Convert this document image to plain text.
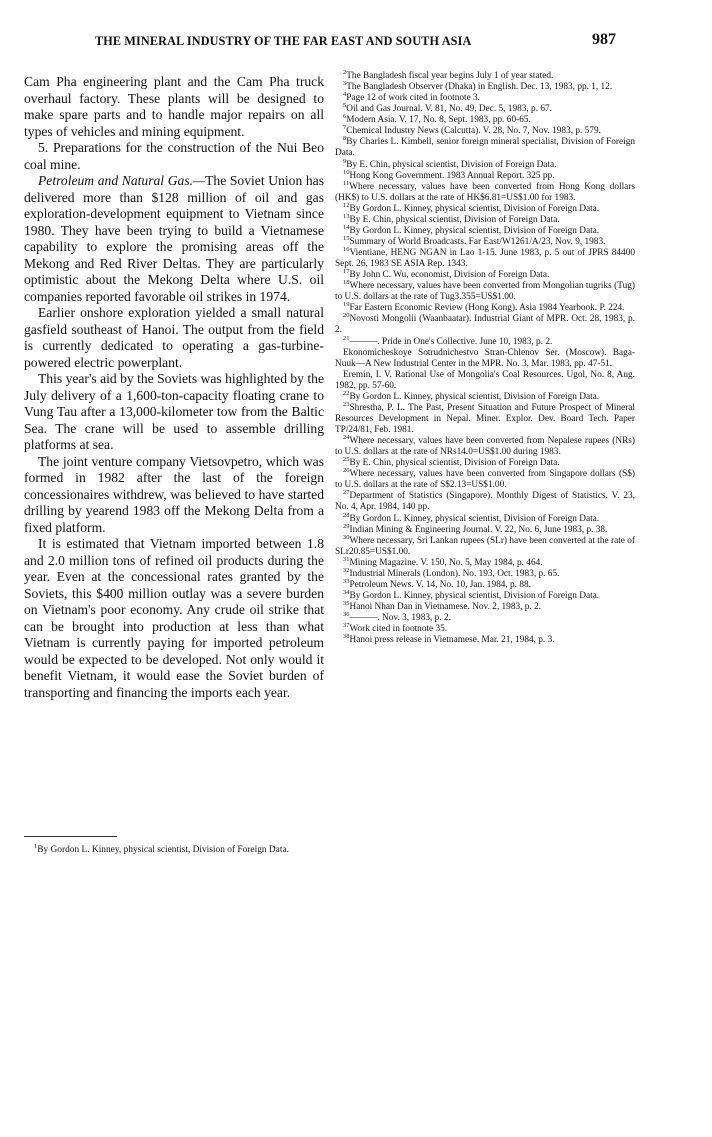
THE MINERAL INDUSTRY OF THE FAR EAST AND SOUTH ASIA	987

Cam Pha engineering plant and the Cam Pha truck overhaul factory. These plants will be designed to make spare parts and to handle major repairs on all types of vehicles and mining equipment.

5. Preparations for the construction of the Nui Beo coal mine.

Petroleum and Natural Gas.—The Soviet Union has delivered more than $128 million of oil and gas exploration-development equipment to Vietnam since 1980. They have been trying to build a Vietnamese capability to explore the promising areas off the Mekong and Red River Deltas. They are particularly optimistic about the Mekong Delta where U.S. oil companies reported favorable oil strikes in 1974.

Earlier onshore exploration yielded a small natural gasfield southeast of Hanoi. The output from the field is currently dedicated to operating a gas-turbine-powered electric powerplant.

This year's aid by the Soviets was highlighted by the July delivery of a 1,600-ton-capacity floating crane to Vung Tau after a 13,000-kilometer tow from the Baltic Sea. The crane will be used to assemble drilling platforms at sea.

The joint venture company Vietsovpetro, which was formed in 1982 after the last of the foreign concessionaires withdrew, was believed to have started drilling by yearend 1983 off the Mekong Delta from a fixed platform.

It is estimated that Vietnam imported between 1.8 and 2.0 million tons of refined oil products during the year. Even at the concessional rates granted by the Soviets, this $400 million outlay was a severe burden on Vietnam's poor economy. Any crude oil strike that can be brought into production at less than what Vietnam is currently paying for imported petroleum would be expected to be developed. Not only would it benefit Vietnam, it would ease the Soviet burden of transporting and financing the imports each year.

$^1$By Gordon L. Kinney, physical scientist, Division of Foreign Data.

$^2$The Bangladesh fiscal year begins July 1 of year stated.

$^3$The Bangladesh Observer (Dhaka) in English. Dec. 13, 1983, pp. 1, 12.

$^4$Page 12 of work cited in footnote 3.

$^5$Oil and Gas Journal. V. 81, No. 49, Dec. 5, 1983, p. 67.

$^6$Modern Asia. V. 17, No. 8, Sept. 1983, pp. 60-65.

$^7$Chemical Industry News (Calcutta). V. 28, No. 7, Nov. 1983, p. 579.

$^8$By Charles L. Kimbell, senior foreign mineral specialist, Division of Foreign Data.

$^9$By E. Chin, physical scientist, Division of Foreign Data.

$^{10}$Hong Kong Government. 1983 Annual Report. 325 pp.

$^{11}$Where necessary, values have been converted from Hong Kong dollars (HK$) to U.S. dollars at the rate of HK$6.81=US$1.00 for 1983.

$^{12}$By Gordon L. Kinney, physical scientist, Division of Foreign Data.

$^{13}$By E. Chin, physical scientist, Division of Foreign Data.

$^{14}$By Gordon L. Kinney, physical scientist, Division of Foreign Data.

$^{15}$Summary of World Broadcasts. Far East/W1261/A/23, Nov. 9, 1983.

$^{16}$Vientiane, HENG NGAN in Lao 1-15. June 1983, p. 5 out of JPRS 84400 Sept. 26, 1983 SE ASIA Rep. 1343.

$^{17}$By John C. Wu, economist, Division of Foreign Data.

$^{18}$Where necessary, values have been converted from Mongolian tugriks (Tug) to U.S. dollars at the rate of Tug3.355=US$1.00.

$^{19}$Far Eastern Economic Review (Hong Kong). Asia 1984 Yearbook. P. 224.

$^{20}$Novosti Mongolii (Waanbaatar). Industrial Giant of MPR. Oct. 28, 1983, p. 2.

$^{21}$———. Pride in One's Collective. June 10, 1983, p. 2.

Ekonomicheskoye Sotrudnichestvo Stran-Chlenov Ser. (Moscow). Baga-Nuuk—A New Industrial Center in the MPR. No. 3, Mar. 1983, pp. 47-51.

Eremin, I. V. Rational Use of Mongolia's Coal Resources. Ugol, No. 8, Aug. 1982, pp. 57-60.

$^{22}$By Gordon L. Kinney, physical scientist, Division of Foreign Data.

$^{23}$Shrestha, P. L. The Past, Present Situation and Future Prospect of Mineral Resources Development in Nepal. Miner. Explor. Dev. Board Tech. Paper TP/24/81, Feb. 1981.

$^{24}$Where necessary, values have been converted from Nepalese rupees (NRs) to U.S. dollars at the rate of NRs14.0=US$1.00 during 1983.

$^{25}$By E. Chin, physical scientist, Division of Foreign Data.

$^{26}$Where necessary, values have been converted from Singapore dollars (S$) to U.S. dollars at the rate of S$2.13=US$1.00.

$^{27}$Department of Statistics (Singapore). Monthly Digest of Statistics. V. 23, No. 4, Apr. 1984, 140 pp.

$^{28}$By Gordon L. Kinney, physical scientist, Division of Foreign Data.

$^{29}$Indian Mining & Engineering Journal. V. 22, No. 6, June 1983, p. 38.

$^{30}$Where necessary, Sri Lankan rupees (SLr) have been converted at the rate of SLr20.85=US$1.00.

$^{31}$Mining Magazine. V. 150, No. 5, May 1984, p. 464.

$^{32}$Industrial Minerals (London). No. 193, Oct. 1983, p. 65.

$^{33}$Petroleum News. V. 14, No. 10, Jan. 1984, p. 88.

$^{34}$By Gordon L. Kinney, physical scientist, Division of Foreign Data.

$^{35}$Hanoi Nhan Dan in Vietnamese. Nov. 2, 1983, p. 2.

$^{36}$———. Nov. 3, 1983, p. 2.

$^{37}$Work cited in footnote 35.

$^{38}$Hanoi press release in Vietnamese. Mar. 21, 1984, p. 3.
